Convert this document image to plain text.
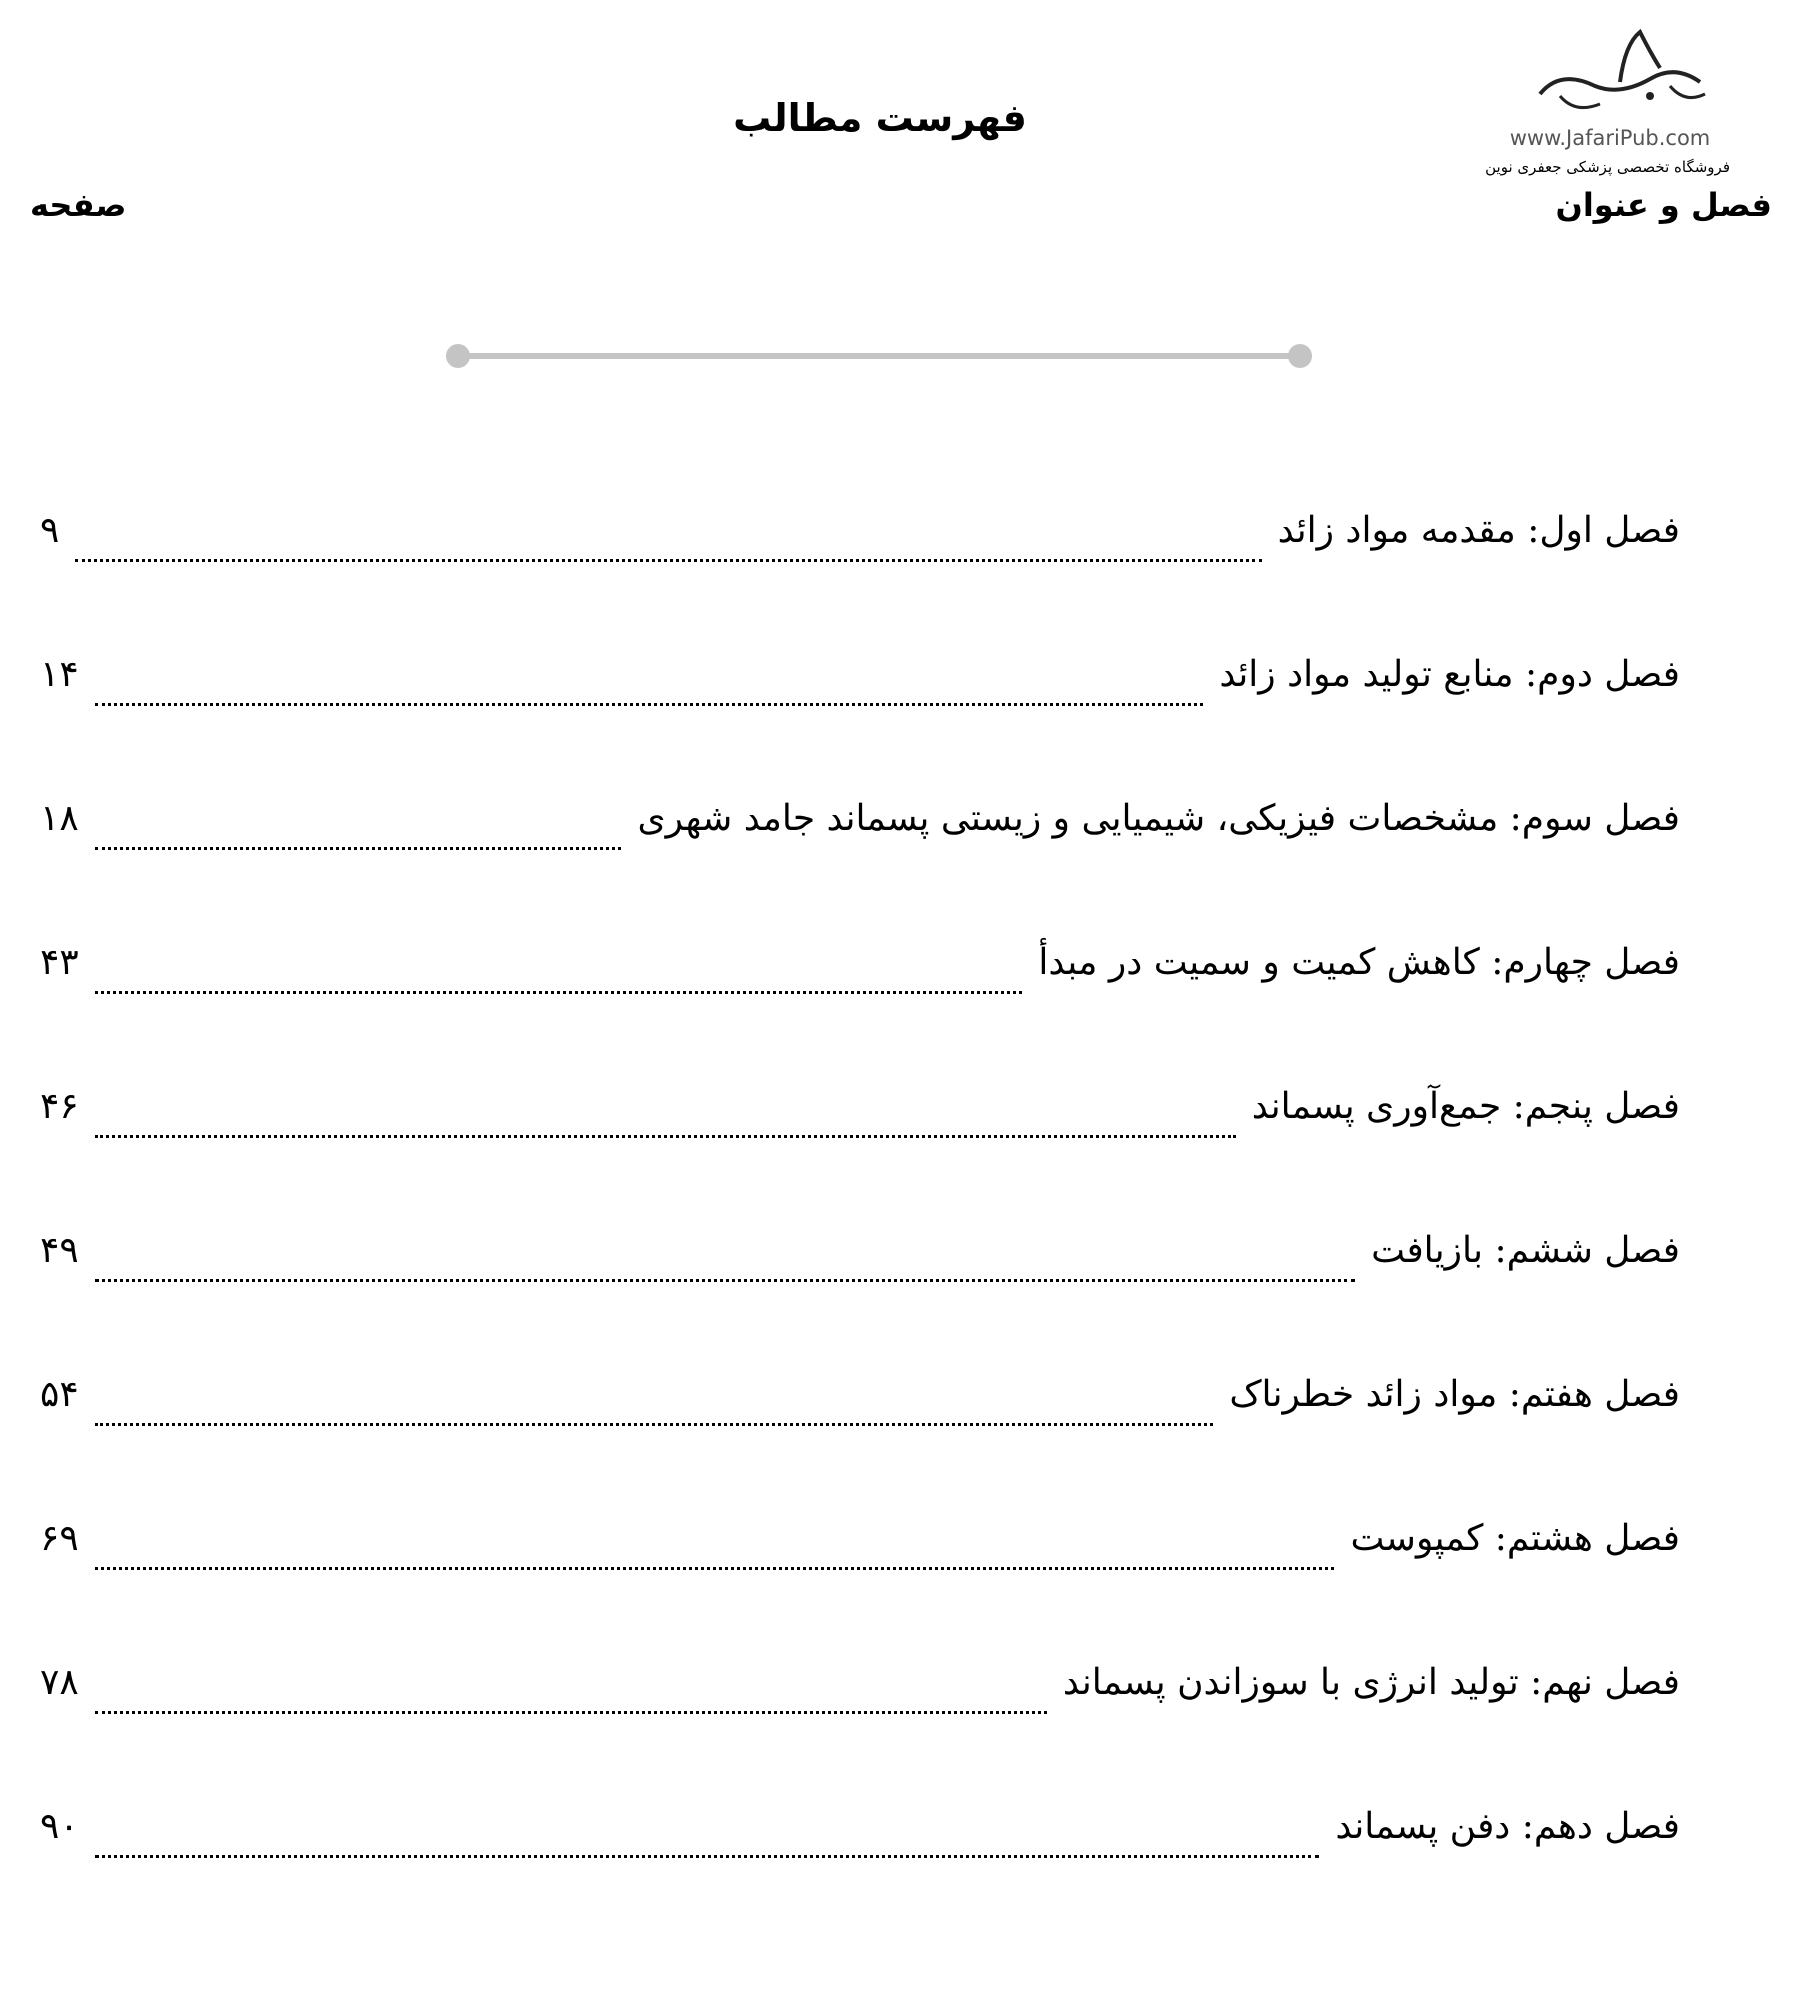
فهرست مطالب	www.JafariPub.com
فروشگاه تخصصی پزشکی جعفری نوین
فصل و عنوان
صفحه
فصل اول: مقدمه مواد زائد
۹
فصل دوم: منابع تولید مواد زائد
۱۴
فصل سوم: مشخصات فیزیکی، شیمیایی و زیستی پسماند جامد شهری
۱۸
فصل چهارم: کاهش کمیت و سمیت در مبدأ
۴۳
فصل پنجم: جمع‌آوری پسماند
۴۶
فصل ششم: بازیافت
۴۹
فصل هفتم: مواد زائد خطرناک
۵۴
فصل هشتم: کمپوست
۶۹
فصل نهم: تولید انرژی با سوزاندن پسماند
۷۸
فصل دهم: دفن پسماند
۹۰
